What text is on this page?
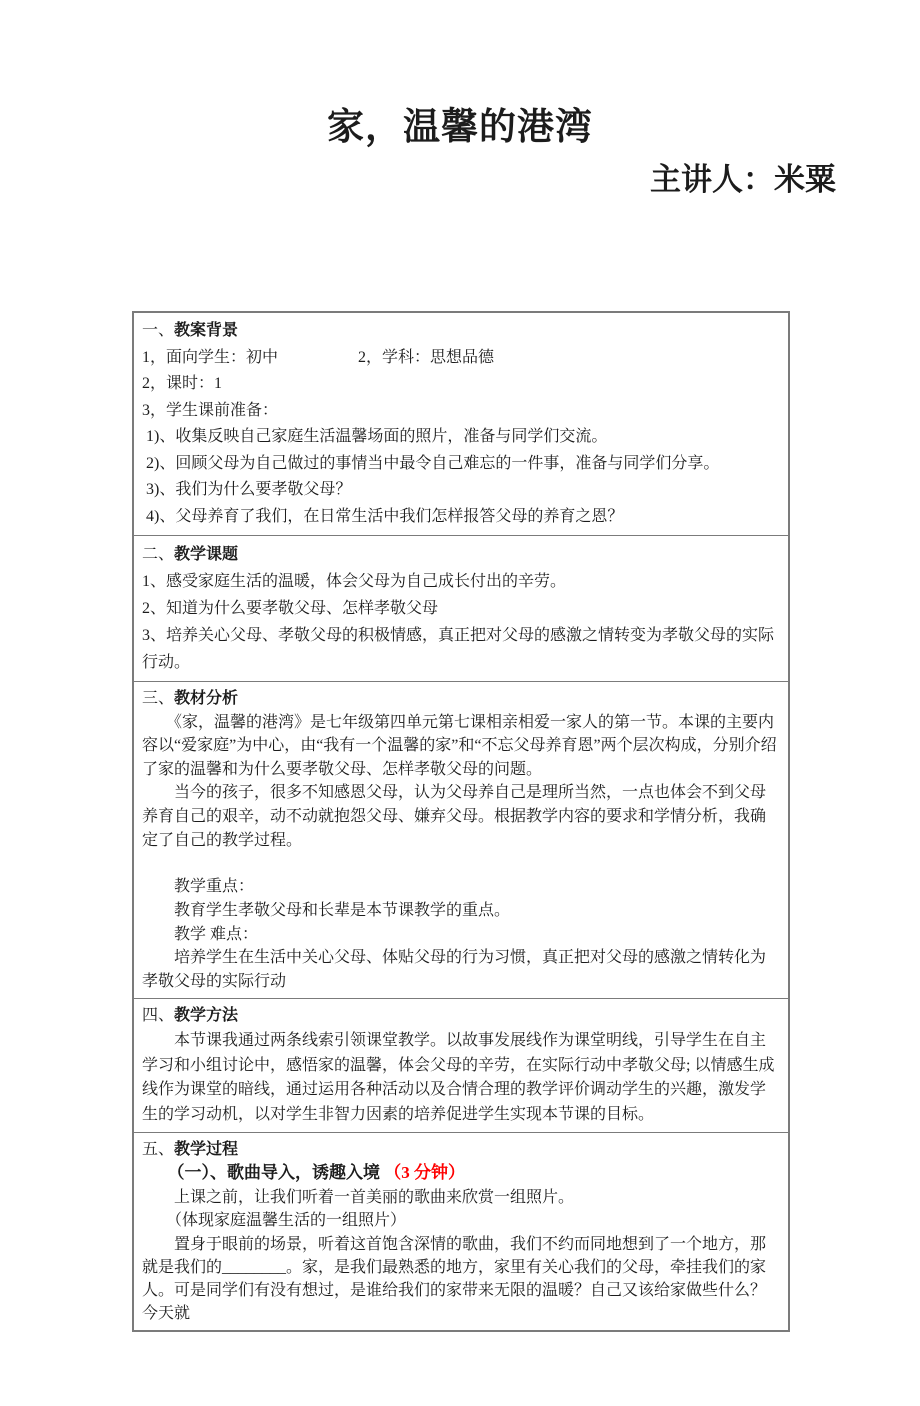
家，温馨的港湾
主讲人：米粟
一、教案背景
1，面向学生：初中　　　　　2，学科：思想品德
2，课时：1
3，学生课前准备：
1)、收集反映自己家庭生活温馨场面的照片，准备与同学们交流。
2)、回顾父母为自己做过的事情当中最令自己难忘的一件事，准备与同学们分享。
3)、我们为什么要孝敬父母？
4)、父母养育了我们，在日常生活中我们怎样报答父母的养育之恩？
二、教学课题
1、感受家庭生活的温暖，体会父母为自己成长付出的辛劳。
2、知道为什么要孝敬父母、怎样孝敬父母
3、培养关心父母、孝敬父母的积极情感，真正把对父母的感激之情转变为孝敬父母的实际行动。
三、教材分析
　　《家，温馨的港湾》是七年级第四单元第七课相亲相爱一家人的第一节。本课的主要内容以“爱家庭”为中心，由“我有一个温馨的家”和“不忘父母养育恩”两个层次构成，分别介绍了家的温馨和为什么要孝敬父母、怎样孝敬父母的问题。
　　当今的孩子，很多不知感恩父母，认为父母养自己是理所当然，一点也体会不到父母养育自己的艰辛，动不动就抱怨父母、嫌弃父母。根据教学内容的要求和学情分析，我确定了自己的教学过程。
　　教学重点：
　　教育学生孝敬父母和长辈是本节课教学的重点。
　　教学 难点：
　　培养学生在生活中关心父母、体贴父母的行为习惯，真正把对父母的感激之情转化为孝敬父母的实际行动
四、教学方法
　　本节课我通过两条线索引领课堂教学。以故事发展线作为课堂明线，引导学生在自主学习和小组讨论中，感悟家的温馨，体会父母的辛劳，在实际行动中孝敬父母; 以情感生成线作为课堂的暗线，通过运用各种活动以及合情合理的教学评价调动学生的兴趣，激发学生的学习动机，以对学生非智力因素的培养促进学生实现本节课的目标。
五、教学过程
　　（一）、歌曲导入，诱趣入境 （3 分钟）
　　上课之前，让我们听着一首美丽的歌曲来欣赏一组照片。
　　（体现家庭温馨生活的一组照片）
　　置身于眼前的场景，听着这首饱含深情的歌曲，我们不约而同地想到了一个地方，那就是我们的________。家，是我们最熟悉的地方，家里有关心我们的父母，牵挂我们的家人。可是同学们有没有想过，是谁给我们的家带来无限的温暖？自己又该给家做些什么？今天就
